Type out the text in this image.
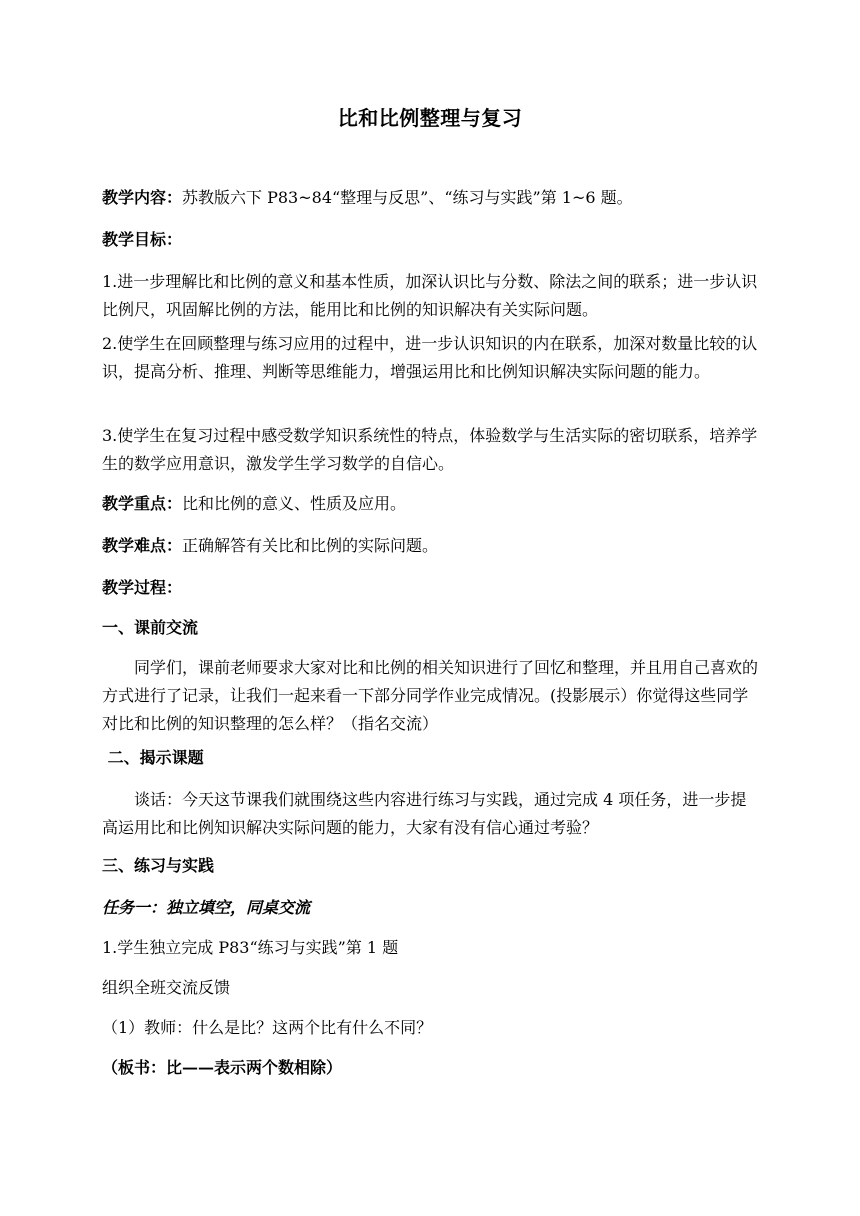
比和比例整理与复习
教学内容：苏教版六下 P83~84“整理与反思”、“练习与实践”第 1~6 题。
教学目标：
1.进一步理解比和比例的意义和基本性质，加深认识比与分数、除法之间的联系；进一步认识比例尺，巩固解比例的方法，能用比和比例的知识解决有关实际问题。
2.使学生在回顾整理与练习应用的过程中，进一步认识知识的内在联系，加深对数量比较的认识，提高分析、推理、判断等思维能力，增强运用比和比例知识解决实际问题的能力。
3.使学生在复习过程中感受数学知识系统性的特点，体验数学与生活实际的密切联系，培养学生的数学应用意识，激发学生学习数学的自信心。
教学重点：比和比例的意义、性质及应用。
教学难点：正确解答有关比和比例的实际问题。
教学过程：
一、课前交流
同学们，课前老师要求大家对比和比例的相关知识进行了回忆和整理，并且用自己喜欢的方式进行了记录，让我们一起来看一下部分同学作业完成情况。(投影展示）你觉得这些同学对比和比例的知识整理的怎么样？（指名交流）
二、揭示课题
谈话：今天这节课我们就围绕这些内容进行练习与实践，通过完成 4 项任务，进一步提高运用比和比例知识解决实际问题的能力，大家有没有信心通过考验？
三、练习与实践
任务一：独立填空，同桌交流
1.学生独立完成 P83“练习与实践”第 1 题
组织全班交流反馈
（1）教师：什么是比？这两个比有什么不同？
（板书：比——表示两个数相除）
